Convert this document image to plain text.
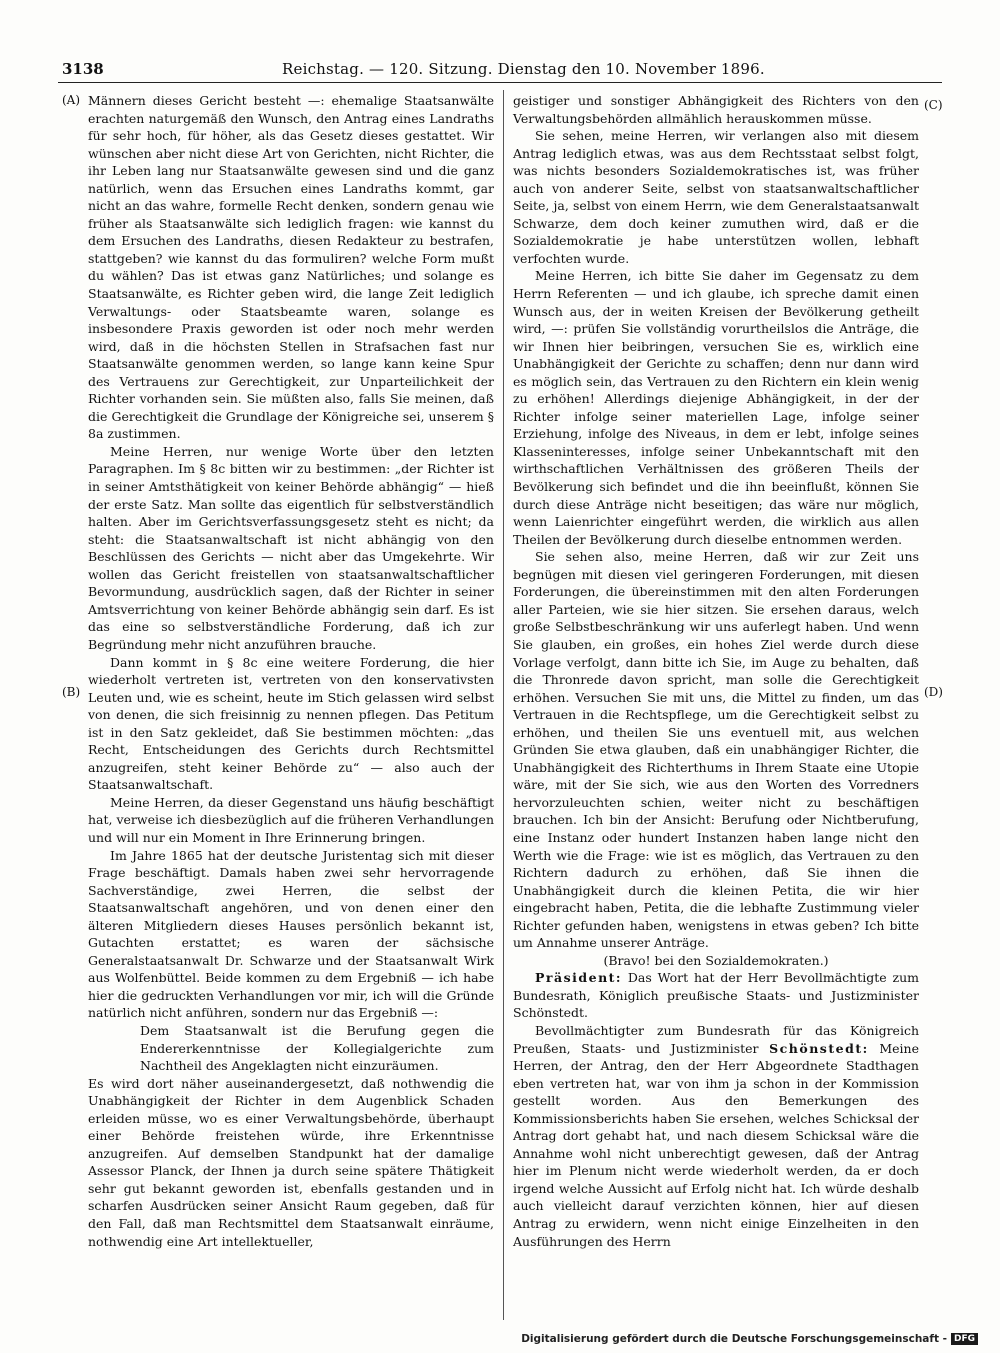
3138	Reichstag. — 120. Sitzung. Dienstag den 10. November 1896.
(A)
(B)
(C)
(D)

Männern dieses Gericht besteht —: ehemalige Staatsanwälte erachten naturgemäß den Wunsch, den Antrag eines Landraths für sehr hoch, für höher, als das Gesetz dieses gestattet. Wir wünschen aber nicht diese Art von Gerichten, nicht Richter, die ihr Leben lang nur Staatsanwälte gewesen sind und die ganz natürlich, wenn das Ersuchen eines Landraths kommt, gar nicht an das wahre, formelle Recht denken, sondern genau wie früher als Staatsanwälte sich lediglich fragen: wie kannst du dem Ersuchen des Landraths, diesen Redakteur zu bestrafen, stattgeben? wie kannst du das formuliren? welche Form mußt du wählen? Das ist etwas ganz Natürliches; und solange es Staatsanwälte, es Richter geben wird, die lange Zeit lediglich Verwaltungs- oder Staatsbeamte waren, solange es insbesondere Praxis geworden ist oder noch mehr werden wird, daß in die höchsten Stellen in Strafsachen fast nur Staatsanwälte genommen werden, so lange kann keine Spur des Vertrauens zur Gerechtigkeit, zur Unparteilichkeit der Richter vorhanden sein. Sie müßten also, falls Sie meinen, daß die Gerechtigkeit die Grundlage der Königreiche sei, unserem § 8a zustimmen.

Meine Herren, nur wenige Worte über den letzten Paragraphen. Im § 8c bitten wir zu bestimmen: „der Richter ist in seiner Amtsthätigkeit von keiner Behörde abhängig“ — hieß der erste Satz. Man sollte das eigentlich für selbstverständlich halten. Aber im Gerichtsverfassungsgesetz steht es nicht; da steht: die Staatsanwaltschaft ist nicht abhängig von den Beschlüssen des Gerichts — nicht aber das Umgekehrte. Wir wollen das Gericht freistellen von staatsanwaltschaftlicher Bevormundung, ausdrücklich sagen, daß der Richter in seiner Amtsverrichtung von keiner Behörde abhängig sein darf. Es ist das eine so selbstverständliche Forderung, daß ich zur Begründung mehr nicht anzuführen brauche.

Dann kommt in § 8c eine weitere Forderung, die hier wiederholt vertreten ist, vertreten von den konservativsten Leuten und, wie es scheint, heute im Stich gelassen wird selbst von denen, die sich freisinnig zu nennen pflegen. Das Petitum ist in den Satz gekleidet, daß Sie bestimmen möchten: „das Recht, Entscheidungen des Gerichts durch Rechtsmittel anzugreifen, steht keiner Behörde zu“ — also auch der Staatsanwaltschaft.

Meine Herren, da dieser Gegenstand uns häufig beschäftigt hat, verweise ich diesbezüglich auf die früheren Verhandlungen und will nur ein Moment in Ihre Erinnerung bringen.

Im Jahre 1865 hat der deutsche Juristentag sich mit dieser Frage beschäftigt. Damals haben zwei sehr hervorragende Sachverständige, zwei Herren, die selbst der Staatsanwaltschaft angehören, und von denen einer den älteren Mitgliedern dieses Hauses persönlich bekannt ist, Gutachten erstattet; es waren der sächsische Generalstaatsanwalt Dr. Schwarze und der Staatsanwalt Wirk aus Wolfenbüttel. Beide kommen zu dem Ergebniß — ich habe hier die gedruckten Verhandlungen vor mir, ich will die Gründe natürlich nicht anführen, sondern nur das Ergebniß —:

Dem Staatsanwalt ist die Berufung gegen die Endererkenntnisse der Kollegialgerichte zum Nachtheil des Angeklagten nicht einzuräumen.

Es wird dort näher auseinandergesetzt, daß nothwendig die Unabhängigkeit der Richter in dem Augenblick Schaden erleiden müsse, wo es einer Verwaltungsbehörde, überhaupt einer Behörde freistehen würde, ihre Erkenntnisse anzugreifen. Auf demselben Standpunkt hat der damalige Assessor Planck, der Ihnen ja durch seine spätere Thätigkeit sehr gut bekannt geworden ist, ebenfalls gestanden und in scharfen Ausdrücken seiner Ansicht Raum gegeben, daß für den Fall, daß man Rechtsmittel dem Staatsanwalt einräume, nothwendig eine Art intellektueller,

geistiger und sonstiger Abhängigkeit des Richters von den Verwaltungsbehörden allmählich herauskommen müsse.

Sie sehen, meine Herren, wir verlangen also mit diesem Antrag lediglich etwas, was aus dem Rechtsstaat selbst folgt, was nichts besonders Sozialdemokratisches ist, was früher auch von anderer Seite, selbst von staatsanwaltschaftlicher Seite, ja, selbst von einem Herrn, wie dem Generalstaatsanwalt Schwarze, dem doch keiner zumuthen wird, daß er die Sozialdemokratie je habe unterstützen wollen, lebhaft verfochten wurde.

Meine Herren, ich bitte Sie daher im Gegensatz zu dem Herrn Referenten — und ich glaube, ich spreche damit einen Wunsch aus, der in weiten Kreisen der Bevölkerung getheilt wird, —: prüfen Sie vollständig vorurtheilslos die Anträge, die wir Ihnen hier beibringen, versuchen Sie es, wirklich eine Unabhängigkeit der Gerichte zu schaffen; denn nur dann wird es möglich sein, das Vertrauen zu den Richtern ein klein wenig zu erhöhen! Allerdings diejenige Abhängigkeit, in der der Richter infolge seiner materiellen Lage, infolge seiner Erziehung, infolge des Niveaus, in dem er lebt, infolge seines Klasseninteresses, infolge seiner Unbekanntschaft mit den wirthschaftlichen Verhältnissen des größeren Theils der Bevölkerung sich befindet und die ihn beeinflußt, können Sie durch diese Anträge nicht beseitigen; das wäre nur möglich, wenn Laienrichter eingeführt werden, die wirklich aus allen Theilen der Bevölkerung durch dieselbe entnommen werden.

Sie sehen also, meine Herren, daß wir zur Zeit uns begnügen mit diesen viel geringeren Forderungen, mit diesen Forderungen, die übereinstimmen mit den alten Forderungen aller Parteien, wie sie hier sitzen. Sie ersehen daraus, welch große Selbstbeschränkung wir uns auferlegt haben. Und wenn Sie glauben, ein großes, ein hohes Ziel werde durch diese Vorlage verfolgt, dann bitte ich Sie, im Auge zu behalten, daß die Thronrede davon spricht, man solle die Gerechtigkeit erhöhen. Versuchen Sie mit uns, die Mittel zu finden, um das Vertrauen in die Rechtspflege, um die Gerechtigkeit selbst zu erhöhen, und theilen Sie uns eventuell mit, aus welchen Gründen Sie etwa glauben, daß ein unabhängiger Richter, die Unabhängigkeit des Richterthums in Ihrem Staate eine Utopie wäre, mit der Sie sich, wie aus den Worten des Vorredners hervorzuleuchten schien, weiter nicht zu beschäftigen brauchen. Ich bin der Ansicht: Berufung oder Nichtberufung, eine Instanz oder hundert Instanzen haben lange nicht den Werth wie die Frage: wie ist es möglich, das Vertrauen zu den Richtern dadurch zu erhöhen, daß Sie ihnen die Unabhängigkeit durch die kleinen Petita, die wir hier eingebracht haben, Petita, die die lebhafte Zustimmung vieler Richter gefunden haben, wenigstens in etwas geben? Ich bitte um Annahme unserer Anträge.

(Bravo! bei den Sozialdemokraten.)

Präsident: Das Wort hat der Herr Bevollmächtigte zum Bundesrath, Königlich preußische Staats- und Justizminister Schönstedt.

Bevollmächtigter zum Bundesrath für das Königreich Preußen, Staats- und Justizminister Schönstedt: Meine Herren, der Antrag, den der Herr Abgeordnete Stadthagen eben vertreten hat, war von ihm ja schon in der Kommission gestellt worden. Aus den Bemerkungen des Kommissionsberichts haben Sie ersehen, welches Schicksal der Antrag dort gehabt hat, und nach diesem Schicksal wäre die Annahme wohl nicht unberechtigt gewesen, daß der Antrag hier im Plenum nicht werde wiederholt werden, da er doch irgend welche Aussicht auf Erfolg nicht hat. Ich würde deshalb auch vielleicht darauf verzichten können, hier auf diesen Antrag zu erwidern, wenn nicht einige Einzelheiten in den Ausführungen des Herrn

Digitalisierung gefördert durch die Deutsche Forschungsgemeinschaft - DFG
